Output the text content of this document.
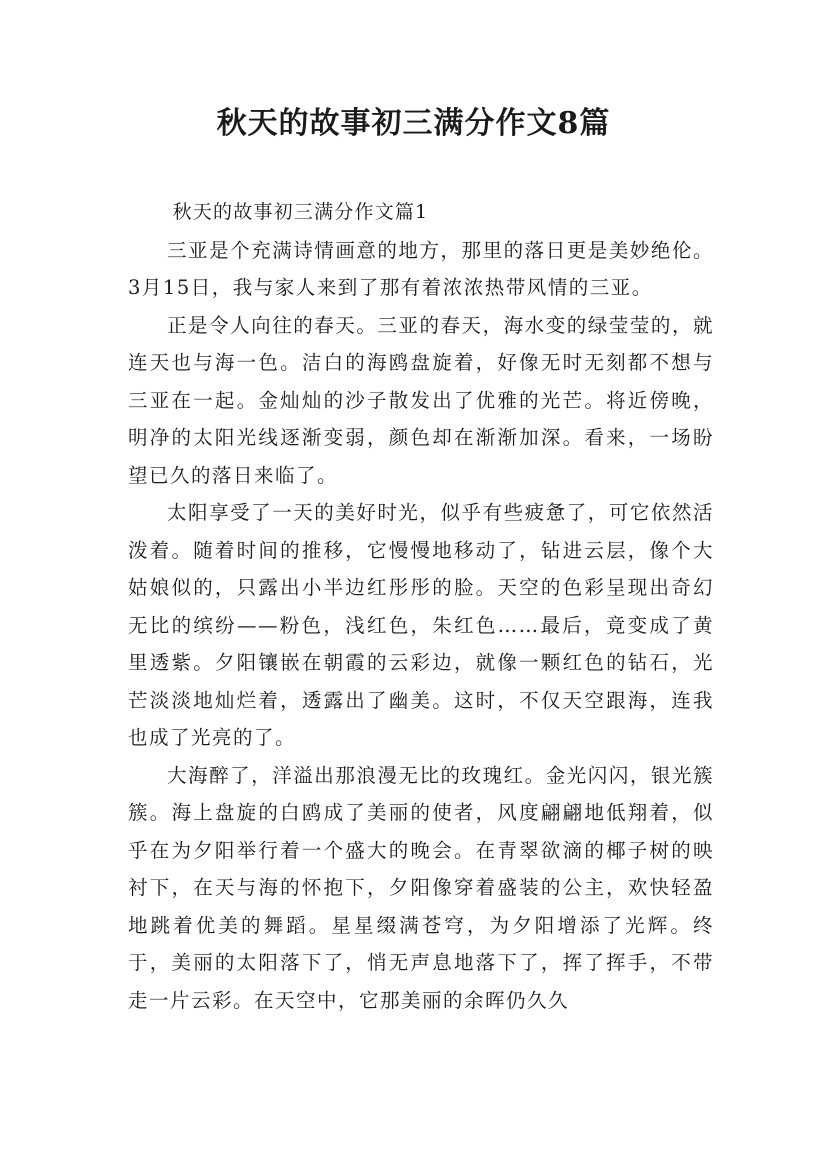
秋天的故事初三满分作文8篇

秋天的故事初三满分作文篇1

三亚是个充满诗情画意的地方，那里的落日更是美妙绝伦。3月15日，我与家人来到了那有着浓浓热带风情的三亚。

正是令人向往的春天。三亚的春天，海水变的绿莹莹的，就连天也与海一色。洁白的海鸥盘旋着，好像无时无刻都不想与三亚在一起。金灿灿的沙子散发出了优雅的光芒。将近傍晚，明净的太阳光线逐渐变弱，颜色却在渐渐加深。看来，一场盼望已久的落日来临了。

太阳享受了一天的美好时光，似乎有些疲惫了，可它依然活泼着。随着时间的推移，它慢慢地移动了，钻进云层，像个大姑娘似的，只露出小半边红彤彤的脸。天空的色彩呈现出奇幻无比的缤纷——粉色，浅红色，朱红色……最后，竟变成了黄里透紫。夕阳镶嵌在朝霞的云彩边，就像一颗红色的钻石，光芒淡淡地灿烂着，透露出了幽美。这时，不仅天空跟海，连我也成了光亮的了。

大海醉了，洋溢出那浪漫无比的玫瑰红。金光闪闪，银光簇簇。海上盘旋的白鸥成了美丽的使者，风度翩翩地低翔着，似乎在为夕阳举行着一个盛大的晚会。在青翠欲滴的椰子树的映衬下，在天与海的怀抱下，夕阳像穿着盛装的公主，欢快轻盈地跳着优美的舞蹈。星星缀满苍穹，为夕阳增添了光辉。终于，美丽的太阳落下了，悄无声息地落下了，挥了挥手，不带走一片云彩。在天空中，它那美丽的余晖仍久久
